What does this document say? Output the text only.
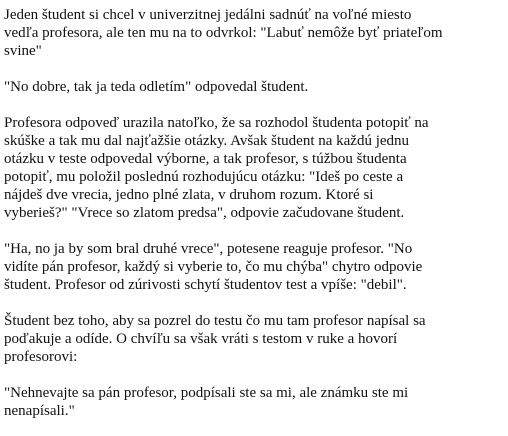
Jeden študent si chcel v univerzitnej jedálni sadnúť na voľné miesto
vedľa profesora, ale ten mu na to odvrkol: "Labuť nemôže byť priateľom
svine"

"No dobre, tak ja teda odletím" odpovedal študent.

Profesora odpoveď urazila natoľko, že sa rozhodol študenta potopiť na
skúške a tak mu dal najťažšie otázky. Avšak študent na každú jednu
otázku v teste odpovedal výborne, a tak profesor, s túžbou študenta
potopiť, mu položil poslednú rozhodujúcu otázku: "Ideš po ceste a
nájdeš dve vrecia, jedno plné zlata, v druhom rozum. Ktoré si
vyberieš?" "Vrece so zlatom predsa", odpovie začudovane študent.

"Ha, no ja by som bral druhé vrece", potesene reaguje profesor. "No
vidíte pán profesor, každý si vyberie to, čo mu chýba" chytro odpovie
študent. Profesor od zúrivosti schytí študentov test a vpíše: "debil".

Študent bez toho, aby sa pozrel do testu čo mu tam profesor napísal sa
poďakuje a odíde. O chvíľu sa však vráti s testom v ruke a hovorí
profesorovi:

"Nehnevajte sa pán profesor, podpísali ste sa mi, ale známku ste mi
nenapísali."
